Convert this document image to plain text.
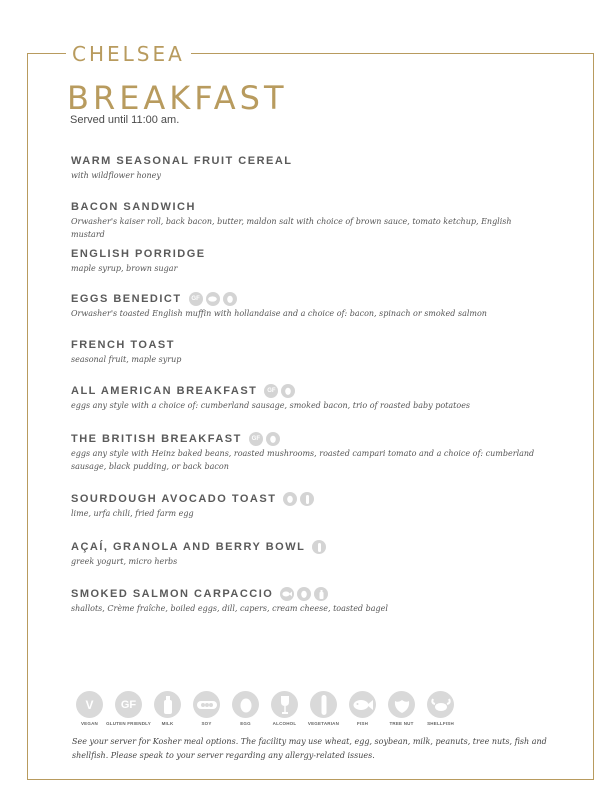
CHELSEA
BREAKFAST
Served until 11:00 am.
WARM SEASONAL FRUIT CEREAL
with wildflower honey
BACON SANDWICH
Orwasher's kaiser roll, back bacon, butter, maldon salt with choice of brown sauce, tomato ketchup, English mustard
ENGLISH PORRIDGE
maple syrup, brown sugar
EGGS BENEDICT	GF
Orwasher's toasted English muffin with hollandaise and a choice of: bacon, spinach or smoked salmon
FRENCH TOAST
seasonal fruit, maple syrup
ALL AMERICAN BREAKFAST	GF
eggs any style with a choice of: cumberland sausage, smoked bacon, trio of roasted baby potatoes
THE BRITISH BREAKFAST	GF
eggs any style with Heinz baked beans, roasted mushrooms, roasted campari tomato and a choice of: cumberland sausage, black pudding, or back bacon
SOURDOUGH AVOCADO TOAST
lime, urfa chili, fried farm egg
AÇAÍ, GRANOLA AND BERRY BOWL
greek yogurt, micro herbs
SMOKED SALMON CARPACCIO
shallots, Crème fraîche, boiled eggs, dill, capers, cream cheese, toasted bagel
V
VEGAN
GF
GLUTEN FRIENDLY MILK	SOY	EGG	ALCOHOL	VEGETARIAN	FISH	TREE NUT	SHELLFISH
See your server for Kosher meal options. The facility may use wheat, egg, soybean, milk, peanuts, tree nuts, fish and shellfish. Please speak to your server regarding any allergy-related issues.
